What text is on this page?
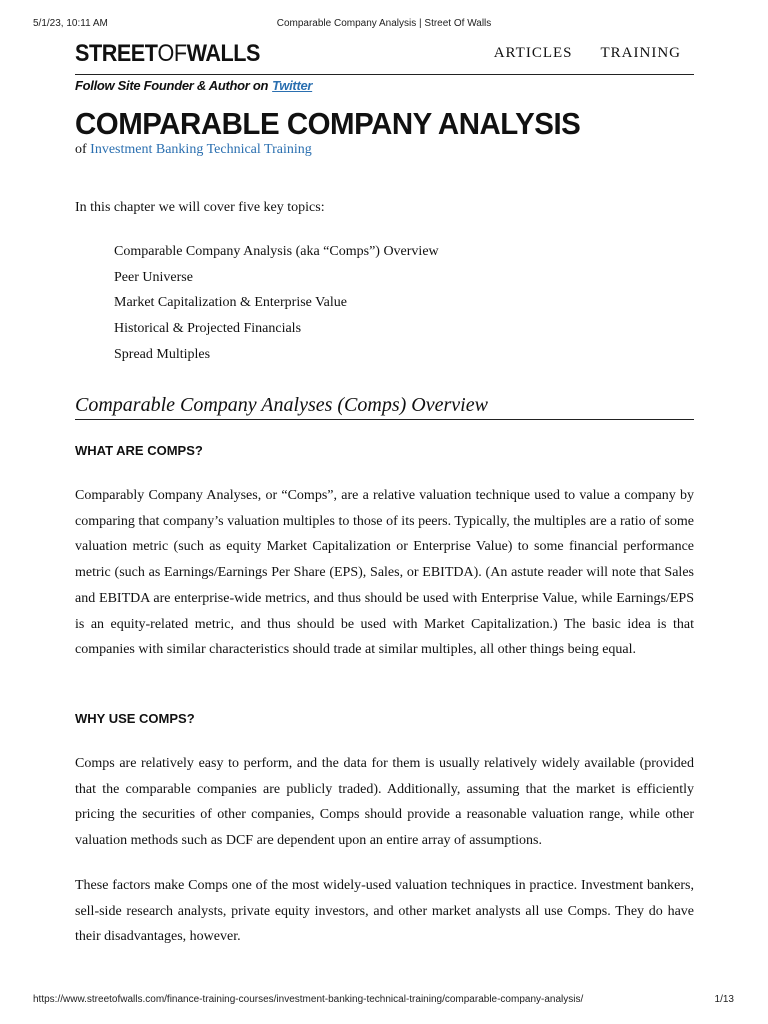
5/1/23, 10:11 AM	Comparable Company Analysis | Street Of Walls
STREETOFWALLS	ARTICLES TRAINING
Follow Site Founder & Author on Twitter
COMPARABLE COMPANY ANALYSIS
of Investment Banking Technical Training

In this chapter we will cover five key topics:

Comparable Company Analysis (aka “Comps”) Overview
Peer Universe
Market Capitalization & Enterprise Value
Historical & Projected Financials
Spread Multiples
Comparable Company Analyses (Comps) Overview
WHAT ARE COMPS?

Comparably Company Analyses, or “Comps”, are a relative valuation technique used to value a company by comparing that company’s valuation multiples to those of its peers. Typically, the multiples are a ratio of some valuation metric (such as equity Market Capitalization or Enterprise Value) to some financial performance metric (such as Earnings/Earnings Per Share (EPS), Sales, or EBITDA). (An astute reader will note that Sales and EBITDA are enterprise-wide metrics, and thus should be used with Enterprise Value, while Earnings/EPS is an equity-related metric, and thus should be used with Market Capitalization.) The basic idea is that companies with similar characteristics should trade at similar multiples, all other things being equal.

WHY USE COMPS?

Comps are relatively easy to perform, and the data for them is usually relatively widely available (provided that the comparable companies are publicly traded). Additionally, assuming that the market is efficiently pricing the securities of other companies, Comps should provide a reasonable valuation range, while other valuation methods such as DCF are dependent upon an entire array of assumptions.

These factors make Comps one of the most widely-used valuation techniques in practice. Investment bankers, sell-side research analysts, private equity investors, and other market analysts all use Comps. They do have their disadvantages, however.

https://www.streetofwalls.com/finance-training-courses/investment-banking-technical-training/comparable-company-analysis/	1/13
